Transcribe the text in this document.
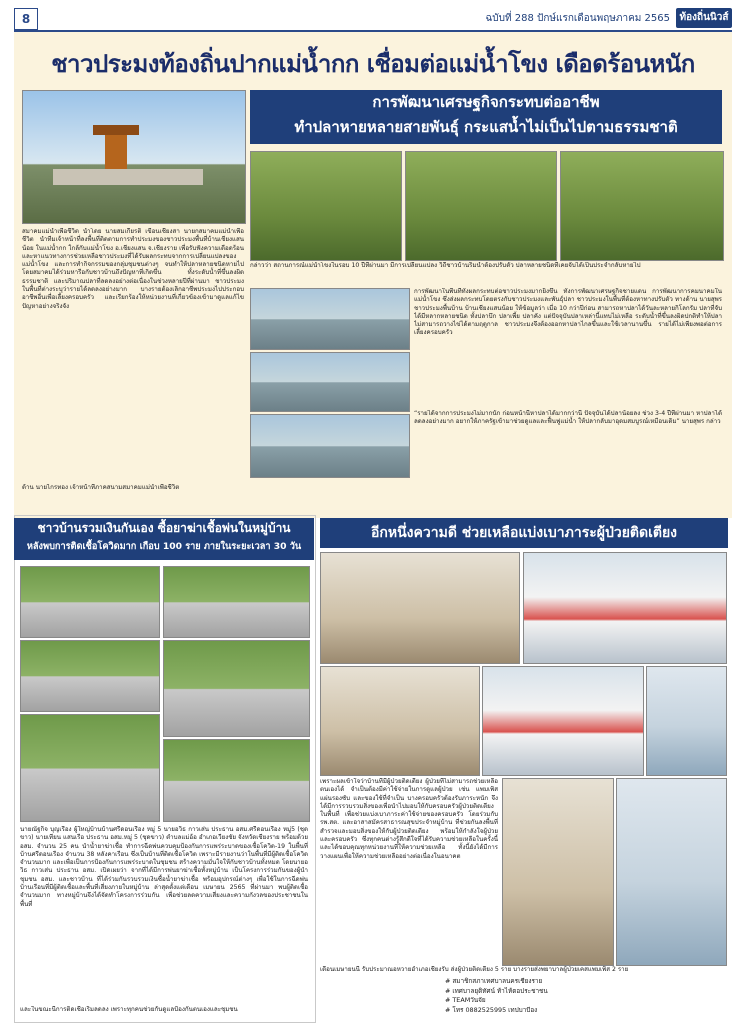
8	ฉบับที่ 288 ปักษ์แรกเดือนพฤษภาคม 2565 ท้องถิ่นนิวส์
ชาวประมงท้องถิ่นปากแม่น้ำกก เชื่อมต่อแม่น้ำโขง เดือดร้อนหนัก
การพัฒนาเศรษฐกิจกระทบต่ออาชีพ
ทำปลาหายหลายสายพันธุ์ กระแสน้ำไม่เป็นไปตามธรรมชาติ
สมาคมแม่น้ำเพื่อชีวิต นำโดย นายสมเกียรติ เขื่อนเชียงสา นายกสมาคมแม่น้ำเพื่อชีวิต นำทีมเจ้าหน้าที่ลงพื้นที่ติดตามการทำประมงของชาวประมงพื้นที่บ้านเชียงแสนน้อย ในแม่น้ำกก ใกล้กับแม่น้ำโขง อ.เชียงแสน จ.เชียงราย เพื่อรับฟังความเดือดร้อน และหาแนวทางการช่วยเหลือชาวประมงที่ได้รับผลกระทบจากการเปลี่ยนแปลงของแม่น้ำโขง และการทำกิจกรรมของกลุ่มชุมชนต่างๆ จนทำให้ปลาหลายชนิดหายไป โดยสมาคมได้ร่วมหารือกับชาวบ้านถึงปัญหาที่เกิดขึ้น ทั้งระดับน้ำที่ขึ้นลงผิดธรรมชาติ และปริมาณปลาที่ลดลงอย่างต่อเนื่องในช่วงหลายปีที่ผ่านมา ชาวประมงในพื้นที่ต่างระบุว่ารายได้ลดลงอย่างมาก บางรายต้องเลิกอาชีพประมงไปประกอบอาชีพอื่นเพื่อเลี้ยงครอบครัว และเรียกร้องให้หน่วยงานที่เกี่ยวข้องเข้ามาดูแลแก้ไขปัญหาอย่างจริงจัง
ด้าน นายไกรทอง เจ้าหน้าที่ภาคสนามสมาคมแม่น้ำเพื่อชีวิต
กล่าวว่า สถานการณ์แม่น้ำโขงในรอบ 10 ปีที่ผ่านมา มีการเปลี่ยนแปลง วิถีชาวบ้านริมน้ำต้องปรับตัว ปลาหลายชนิดที่เคยจับได้เป็นประจำกลับหายไป
การพัฒนาในพื้นที่ทั้งผลกระทบต่อชาวประมงมากยิ่งขึ้น ทั้งการพัฒนาเศรษฐกิจชายแดน การพัฒนาการคมนาคมในแม่น้ำโขง ซึ่งส่งผลกระทบโดยตรงกับชาวประมงและพันธุ์ปลา ชาวประมงในพื้นที่ต้องหาทางปรับตัว ทางด้าน นายสุพร ชาวประมงพื้นบ้าน บ้านเชียงแสนน้อย ให้ข้อมูลว่า เมื่อ 10 กว่าปีก่อน สามารถหาปลาได้วันละหลายกิโลกรัม ปลาที่จับได้มีหลากหลายชนิด ทั้งปลาบึก ปลาเพี้ย ปลาคัง แต่ปัจจุบันปลาเหล่านี้แทบไม่เหลือ ระดับน้ำที่ขึ้นลงผิดปกติทำให้ปลาไม่สามารถวางไข่ได้ตามฤดูกาล ชาวประมงจึงต้องออกหาปลาไกลขึ้นและใช้เวลานานขึ้น รายได้ไม่เพียงพอต่อการเลี้ยงครอบครัว
“รายได้จากการประมงไม่มากนัก ก่อนหน้านี้หาปลาได้มากกว่านี้ ปัจจุบันได้ปลาน้อยลง ช่วง 3-4 ปีที่ผ่านมา หาปลาได้ลดลงอย่างมาก อยากให้ภาครัฐเข้ามาช่วยดูแลและฟื้นฟูแม่น้ำ ให้ปลากลับมาอุดมสมบูรณ์เหมือนเดิม” นายสุพร กล่าว
ชาวบ้านรวมเงินกันเอง ซื้อยาฆ่าเชื้อพ่นในหมู่บ้าน
หลังพบการติดเชื้อโควิดมาก เกือบ 100 ราย ภายในระยะเวลา 30 วัน
นายณัฐกิจ บุญเรือง ผู้ใหญ่บ้านบ้านศรีดอนเรือง หมู่ 5 นายอวิธ กาวเส่น ประธาน อสม.ศรีดอนเรือง หมู่5 (ชุดขาว) นายเทียน แสนเรือ ประธาน อสม.หมู่ 5 (ชุดขาว) ตำบลแม่อ้อ อำเภอเวียงชัย จังหวัดเชียงราย พร้อมด้วย อสม. จำนวน 25 คน นำน้ำยาฆ่าเชื้อ ทำการฉีดพ่นควบคุมป้องกันการแพร่ระบาดของเชื้อโควิด-19 ในพื้นที่ บ้านศรีดอนเรือง จำนวน 38 หลังคาเรือน ซึ่งเป็นบ้านที่ติดเชื้อโควิด เพราะมีรายงานว่าในพื้นที่มีผู้ติดเชื้อโควิดจำนวนมาก และเพื่อเป็นการป้องกันการแพร่ระบาดในชุมชน สร้างความมั่นใจให้กับชาวบ้านทั้งหมด โดยนายอวิธ กาวเส่น ประธาน อสม. เปิดเผยว่า จากที่ได้มีการพ่นยาฆ่าเชื้อทั้งหมู่บ้าน เป็นโครงการร่วมกันของผู้นำชุมชน อสม. และชาวบ้าน ที่ได้ร่วมกันรวบรวมเงินซื้อน้ำยาฆ่าเชื้อ พร้อมอุปกรณ์ต่างๆ เพื่อใช้ในการฉีดพ่นบ้านเรือนที่มีผู้ติดเชื้อและพื้นที่เสี่ยงภายในหมู่บ้าน ล่าสุดตั้งแต่เดือน เมษายน 2565 ที่ผ่านมา พบผู้ติดเชื้อจำนวนมาก ทางหมู่บ้านจึงได้จัดทำโครงการร่วมกัน เพื่อช่วยลดความเสี่ยงและความกังวลของประชาชนในพื้นที่
และในขณะนี้การติดเชื้อเริ่มลดลง เพราะทุกคนช่วยกันดูแลป้องกันตนเองและชุมชน
อีกหนึ่งความดี ช่วยเหลือแบ่งเบาภาระผู้ป่วยติดเตียง
เพราะผลเข้าใจว่าบ้านที่มีผู้ป่วยติดเตียง ผู้ป่วยที่ไม่สามารถช่วยเหลือตนเองได้ จำเป็นต้องมีค่าใช้จ่ายในการดูแลผู้ป่วย เช่น แพมเพิส แผ่นรองซับ และของใช้ที่จำเป็น บางครอบครัวต้องรับภาระหนัก จึงได้มีการรวบรวมสิ่งของเพื่อนำไปมอบให้กับครอบครัวผู้ป่วยติดเตียงในพื้นที่ เพื่อช่วยแบ่งเบาภาระค่าใช้จ่ายของครอบครัว โดยร่วมกับ รพ.สต. และอาสาสมัครสาธารณสุขประจำหมู่บ้าน ที่ช่วยกันลงพื้นที่สำรวจและมอบสิ่งของให้กับผู้ป่วยติดเตียง พร้อมให้กำลังใจผู้ป่วยและครอบครัว ซึ่งทุกคนต่างรู้สึกดีใจที่ได้รับความช่วยเหลือในครั้งนี้ และได้ขอบคุณทุกหน่วยงานที่ให้ความช่วยเหลือ ทั้งนี้ยังได้มีการวางแผนเพื่อให้ความช่วยเหลืออย่างต่อเนื่องในอนาคต
เดือนเมษายนนี้ รับประมาณอหวายอำเภอเชียงรับ ส่งผู้ป่วยติดเตียง 5 ราย บางรายส่งพยาบาลผู้ป่วยเคสแพมเพิส 2 ราย
# สมาชิกสภาเทศบาลนครเชียงราย
# เทศบาลยุติทัศน์ ท้าไห้ตอประชาชน
# TEAMวันจัย
# โทร 0882525995 เทปบาบีอง
